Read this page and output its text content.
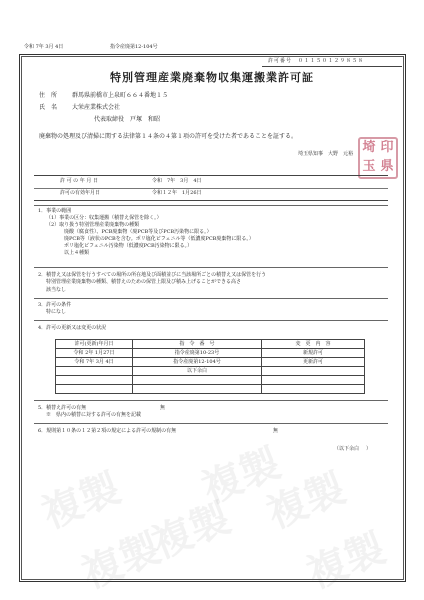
複製 複製 複製
複製
複製
複製
令和 7年 3月 4日	指令産廃第12-104号
許可番号　０１１５０１２９８５８
特別管理産業廃棄物収集運搬業許可証
住　所 群馬県前橋市上泉町６６４番地１５
氏　名 大栄産業株式会社
代表取締役　戸塚　和昭
廃棄物の処理及び清掃に関する法律第１４条の４第１項の許可を受けた者であることを証する。
埼玉県知事　大野　元裕 埼 印
玉 県
許 可 の 年 月 日	令和　7年　3月　4日
許可の有効年月日	令和１２年　1月26日
1．事業の範囲
（1）事業の区分：収集運搬（積替え保管を除く。）
（2）取り扱う特別管理産業廃棄物の種類
廃酸（腐食性）、PCB廃棄物（廃PCB等及びPCB汚染物に限る。）
廃PCB等（液状のPCBを含む。ポリ塩化ビフェニル等（低濃度PCB廃棄物に限る。）
ポリ塩化ビフェニル汚染物（低濃度PCB汚染物に限る。）
以上４種類
2．積替え又は保管を行うすべての場所の所在地及び面積並びに当該場所ごとの積替え又は保管を行う
特別管理産業廃棄物の種類、積替えのための保管上限及び積み上げることができる高さ
該当なし
3．許可の条件
特になし
4．許可の更新又は変更の状況
許可(更新)年月日	指　令　番　号	変　更　内　容
令和 2年 1月27日	指令産廃第10-23号	新規許可
令和 7年 3月 4日	指令産廃第12-104号	更新許可
	以下余白	

5．積替え許可の有無	無
※　県内の積替に対する許可の有無を記載
6．規則第１０条の１２第２項の規定による許可の規制の有無	無
（ 以下余白 ）
